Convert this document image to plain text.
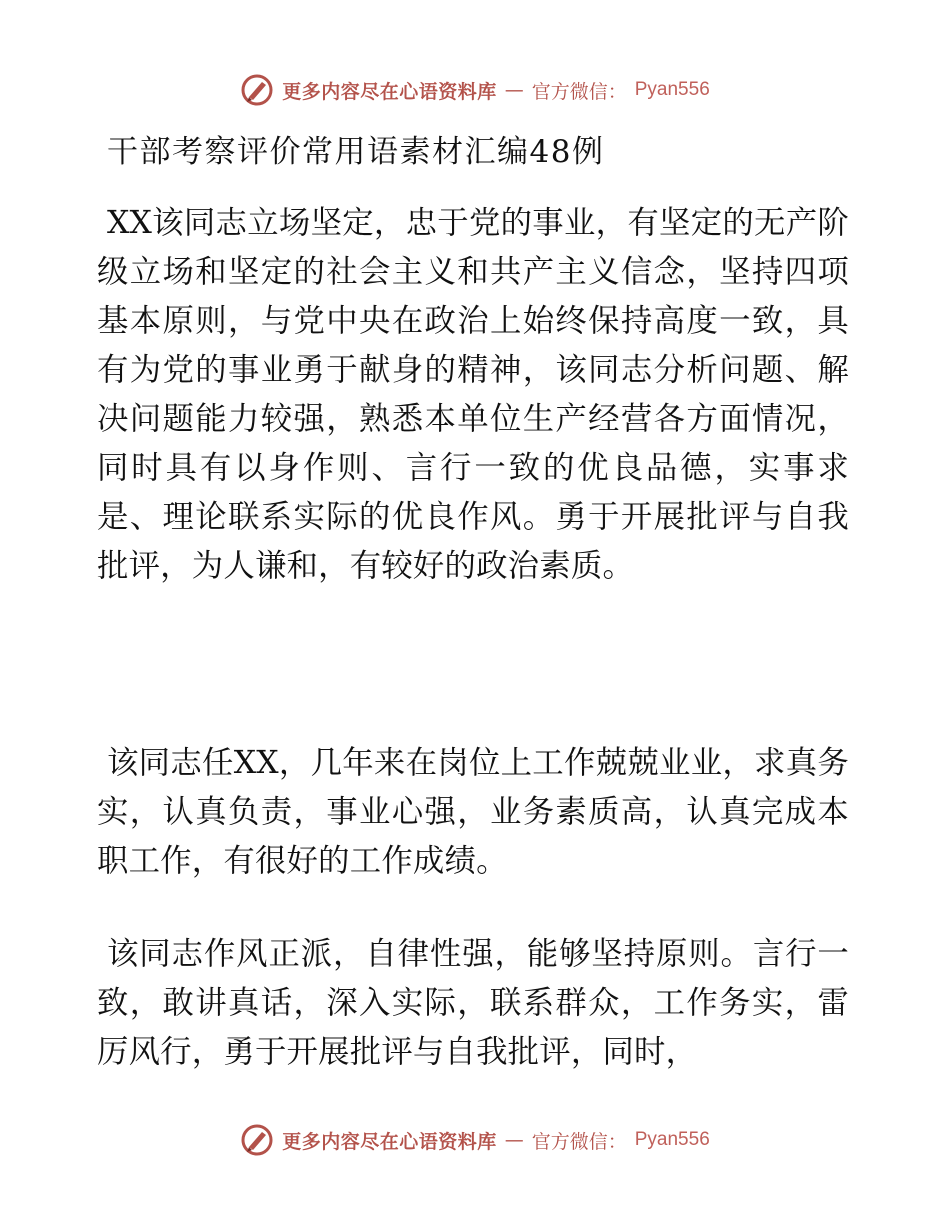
更多内容尽在心语资料库 — 官方微信： Pyan556
干部考察评价常用语素材汇编48例

XX该同志立场坚定，忠于党的事业，有坚定的无产阶级立场和坚定的社会主义和共产主义信念，坚持四项基本原则，与党中央在政治上始终保持高度一致，具有为党的事业勇于献身的精神，该同志分析问题、解决问题能力较强，熟悉本单位生产经营各方面情况，同时具有以身作则、言行一致的优良品德，实事求是、理论联系实际的优良作风。勇于开展批评与自我批评，为人谦和，有较好的政治素质。

该同志任XX，几年来在岗位上工作兢兢业业，求真务实，认真负责，事业心强，业务素质高，认真完成本职工作，有很好的工作成绩。

该同志作风正派，自律性强，能够坚持原则。言行一致，敢讲真话，深入实际，联系群众，工作务实，雷厉风行，勇于开展批评与自我批评，同时，

更多内容尽在心语资料库 — 官方微信： Pyan556
